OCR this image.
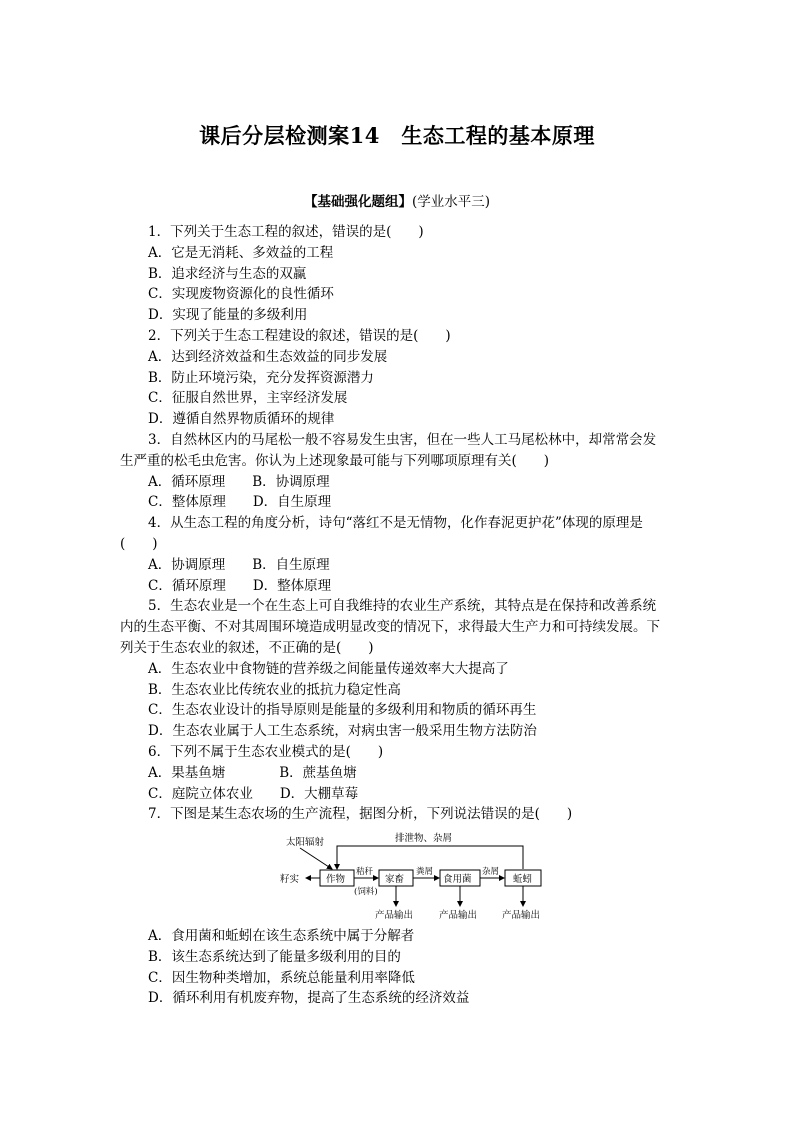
课后分层检测案14　生态工程的基本原理
【基础强化题组】(学业水平三)

1．下列关于生态工程的叙述，错误的是(　　)

A．它是无消耗、多效益的工程

B．追求经济与生态的双赢

C．实现废物资源化的良性循环

D．实现了能量的多级利用

2．下列关于生态工程建设的叙述，错误的是(　　)

A．达到经济效益和生态效益的同步发展

B．防止环境污染，充分发挥资源潜力

C．征服自然世界，主宰经济发展

D．遵循自然界物质循环的规律

3．自然林区内的马尾松一般不容易发生虫害，但在一些人工马尾松林中，却常常会发

生严重的松毛虫危害。你认为上述现象最可能与下列哪项原理有关(　　)

A．循环原理　　B．协调原理

C．整体原理　　D．自生原理

4．从生态工程的角度分析，诗句“落红不是无情物，化作春泥更护花”体现的原理是

(　　)

A．协调原理　　B．自生原理

C．循环原理　　D．整体原理

5．生态农业是一个在生态上可自我维持的农业生产系统，其特点是在保持和改善系统

内的生态平衡、不对其周围环境造成明显改变的情况下，求得最大生产力和可持续发展。下

列关于生态农业的叙述，不正确的是(　　)

A．生态农业中食物链的营养级之间能量传递效率大大提高了

B．生态农业比传统农业的抵抗力稳定性高

C．生态农业设计的指导原则是能量的多级利用和物质的循环再生

D．生态农业属于人工生态系统，对病虫害一般采用生物方法防治

6．下列不属于生态农业模式的是(　　)

A．果基鱼塘　　　　B．蔗基鱼塘

C．庭院立体农业　　D．大棚草莓

7．下图是某生态农场的生产流程，据图分析，下列说法错误的是(　　)

太阳辐射	排泄物、杂屑
籽实	作物
秸秆
(饲料)
家畜
粪屑
食用菌
杂屑
蚯蚓
产品输出	产品输出	产品输出

A．食用菌和蚯蚓在该生态系统中属于分解者

B．该生态系统达到了能量多级利用的目的

C．因生物种类增加，系统总能量利用率降低

D．循环利用有机废弃物，提高了生态系统的经济效益
